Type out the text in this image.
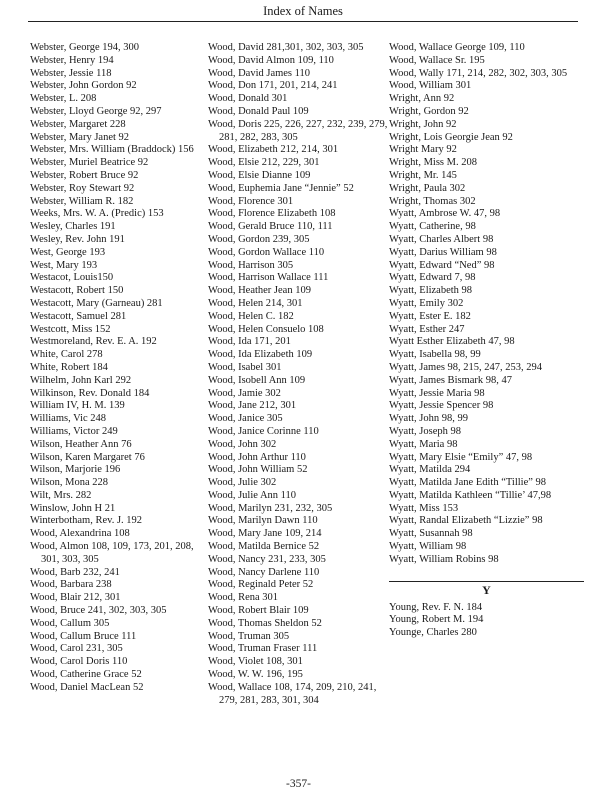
Index of Names
Webster, George 194, 300
Webster, Henry 194
Webster, Jessie 118
Webster, John Gordon 92
Webster, L. 208
Webster, Lloyd George 92, 297
Webster, Margaret 228
Webster, Mary Janet 92
Webster, Mrs. William (Braddock) 156
Webster, Muriel Beatrice 92
Webster, Robert Bruce 92
Webster, Roy Stewart 92
Webster, William R. 182
Weeks, Mrs. W. A. (Predic) 153
Wesley, Charles 191
Wesley, Rev. John 191
West, George 193
West, Mary 193
Westacot, Louis150
Westacott, Robert 150
Westacott, Mary (Garneau) 281
Westacott, Samuel 281
Westcott, Miss 152
Westmoreland, Rev. E. A. 192
White, Carol 278
White, Robert 184
Wilhelm, John Karl 292
Wilkinson, Rev. Donald 184
William IV, H. M. 139
Williams, Vic 248
Williams, Victor 249
Wilson, Heather Ann 76
Wilson, Karen Margaret 76
Wilson, Marjorie 196
Wilson, Mona 228
Wilt, Mrs. 282
Winslow, John H 21
Winterbotham, Rev. J. 192
Wood, Alexandrina 108
Wood, Almon 108, 109, 173, 201, 208, 301, 303, 305
Wood, Barb 232, 241
Wood, Barbara 238
Wood, Blair 212, 301
Wood, Bruce 241, 302, 303, 305
Wood, Callum 305
Wood, Callum Bruce 111
Wood, Carol 231, 305
Wood, Carol Doris 110
Wood, Catherine Grace 52
Wood, Daniel MacLean 52
Wood, David 281,301, 302, 303, 305
Wood, David Almon 109, 110
Wood, David James 110
Wood, Don 171, 201, 214, 241
Wood, Donald 301
Wood, Donald Paul 109
Wood, Doris 225, 226, 227, 232, 239, 279, 281, 282, 283, 305
Wood, Elizabeth 212, 214, 301
Wood, Elsie 212, 229, 301
Wood, Elsie Dianne 109
Wood, Euphemia Jane “Jennie” 52
Wood, Florence 301
Wood, Florence Elizabeth 108
Wood, Gerald Bruce 110, 111
Wood, Gordon 239, 305
Wood, Gordon Wallace 110
Wood, Harrison 305
Wood, Harrison Wallace 111
Wood, Heather Jean 109
Wood, Helen 214, 301
Wood, Helen C. 182
Wood, Helen Consuelo 108
Wood, Ida 171, 201
Wood, Ida Elizabeth 109
Wood, Isabel 301
Wood, Isobell Ann 109
Wood, Jamie 302
Wood, Jane 212, 301
Wood, Janice 305
Wood, Janice Corinne 110
Wood, John 302
Wood, John Arthur 110
Wood, John William 52
Wood, Julie 302
Wood, Julie Ann 110
Wood, Marilyn 231, 232, 305
Wood, Marilyn Dawn 110
Wood, Mary Jane 109, 214
Wood, Matilda Bernice 52
Wood, Nancy 231, 233, 305
Wood, Nancy Darlene 110
Wood, Reginald Peter 52
Wood, Rena 301
Wood, Robert Blair 109
Wood, Thomas Sheldon 52
Wood, Truman 305
Wood, Truman Fraser 111
Wood, Violet 108, 301
Wood, W. W. 196, 195
Wood, Wallace 108, 174, 209, 210, 241, 279, 281, 283, 301, 304
Wood, Wallace George 109, 110
Wood, Wallace Sr. 195
Wood, Wally 171, 214, 282, 302, 303, 305
Wood, William 301
Wright, Ann 92
Wright, Gordon 92
Wright, John 92
Wright, Lois Georgie Jean 92
Wright Mary 92
Wright, Miss M. 208
Wright, Mr. 145
Wright, Paula 302
Wright, Thomas 302
Wyatt, Ambrose W. 47, 98
Wyatt, Catherine, 98
Wyatt, Charles Albert 98
Wyatt, Darius William 98
Wyatt, Edward “Ned” 98
Wyatt, Edward 7, 98
Wyatt, Elizabeth 98
Wyatt, Emily 302
Wyatt, Ester E. 182
Wyatt, Esther 247
Wyatt Esther Elizabeth 47, 98
Wyatt, Isabella 98, 99
Wyatt, James 98, 215, 247, 253, 294
Wyatt, James Bismark 98, 47
Wyatt, Jessie Maria 98
Wyatt, Jessie Spencer 98
Wyatt, John 98, 99
Wyatt, Joseph 98
Wyatt, Maria 98
Wyatt, Mary Elsie “Emily” 47, 98
Wyatt, Matilda 294
Wyatt, Matilda Jane Edith “Tillie” 98
Wyatt, Matilda Kathleen “Tillie’ 47,98
Wyatt, Miss 153
Wyatt, Randal Elizabeth “Lizzie” 98
Wyatt, Susannah 98
Wyatt, William 98
Wyatt, William Robins 98
Y
Young, Rev. F. N. 184
Young, Robert M. 194
Younge, Charles 280
-357-
